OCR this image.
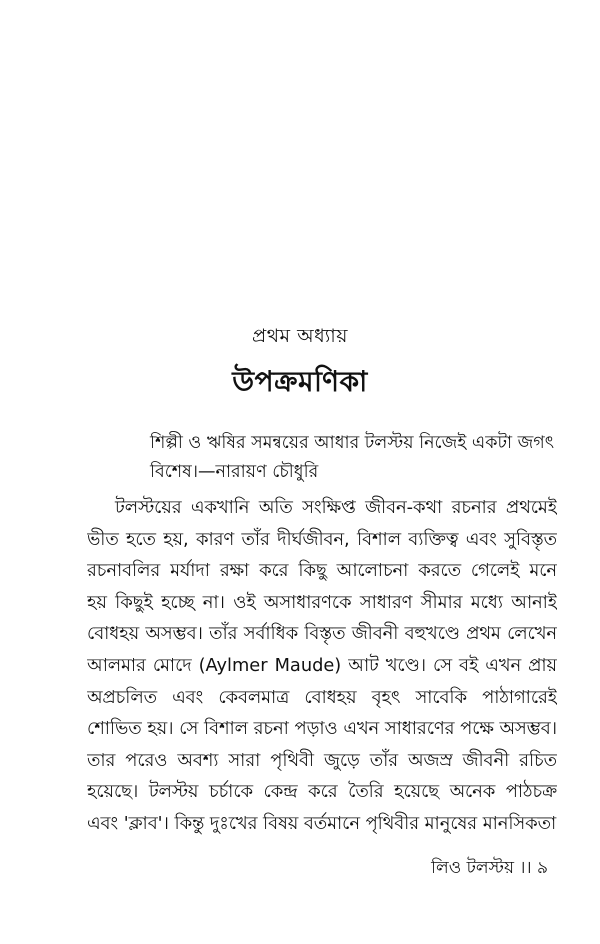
প্রথম অধ্যায়
উপক্রমণিকা
শিল্পী ও ঋষির সমন্বয়ের আধার টলস্টয় নিজেই একটা জগৎ
বিশেষ।—নারায়ণ চৌধুরি
টলস্টয়ের একখানি অতি সংক্ষিপ্ত জীবন-কথা রচনার প্রথমেই
ভীত হতে হয়, কারণ তাঁর দীর্ঘজীবন, বিশাল ব্যক্তিত্ব এবং সুবিস্তৃত
রচনাবলির মর্যাদা রক্ষা করে কিছু আলোচনা করতে গেলেই মনে
হয় কিছুই হচ্ছে না। ওই অসাধারণকে সাধারণ সীমার মধ্যে আনাই
বোধহয় অসম্ভব। তাঁর সর্বাধিক বিস্তৃত জীবনী বহুখণ্ডে প্রথম লেখেন
আলমার মোদে (Aylmer Maude) আট খণ্ডে। সে বই এখন প্রায়
অপ্রচলিত এবং কেবলমাত্র বোধহয় বৃহৎ সাবেকি পাঠাগারেই
শোভিত হয়। সে বিশাল রচনা পড়াও এখন সাধারণের পক্ষে অসম্ভব।
তার পরেও অবশ্য সারা পৃথিবী জুড়ে তাঁর অজস্র জীবনী রচিত
হয়েছে। টলস্টয় চর্চাকে কেন্দ্র করে তৈরি হয়েছে অনেক পাঠচক্র
এবং 'ক্লাব'। কিন্তু দুঃখের বিষয় বর্তমানে পৃথিবীর মানুষের মানসিকতা
লিও টলস্টয় ।। ৯
